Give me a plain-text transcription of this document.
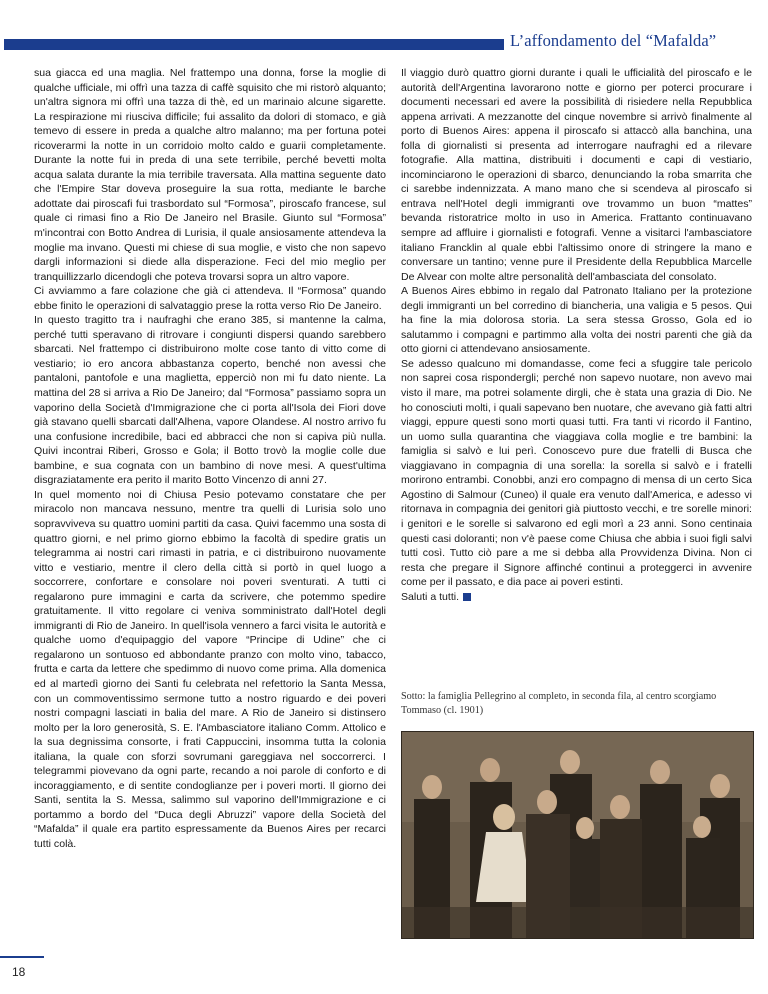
L’affondamento del “Mafalda”

sua giacca ed una maglia. Nel frattempo una donna, forse la moglie di qualche ufficiale, mi offrì una tazza di caffè squisito che mi ristorò alquanto; un'altra signora mi offrì una tazza di thè, ed un marinaio alcune sigarette. La respirazione mi riusciva difficile; fui assalito da dolori di stomaco, e già temevo di essere in preda a qualche altro malanno; ma per fortuna potei ricoverarmi la notte in un corridoio molto caldo e guarii completamente. Durante la notte fui in preda di una sete terribile, perché bevetti molta acqua salata durante la mia terribile traversata. Alla mattina seguente dato che l'Empire Star doveva proseguire la sua rotta, mediante le barche adottate dai piroscafi fui trasbordato sul “Formosa”, piroscafo francese, sul quale ci rimasi fino a Rio De Janeiro nel Brasile. Giunto sul “Formosa” m'incontrai con Botto Andrea di Lurisia, il quale ansiosamente attendeva la moglie ma invano. Questi mi chiese di sua moglie, e visto che non sapevo dargli informazioni si diede alla disperazione. Feci del mio meglio per tranquillizzarlo dicendogli che poteva trovarsi sopra un altro vapore.

Ci avviammo a fare colazione che già ci attendeva. Il “Formosa” quando ebbe finito le operazioni di salvataggio prese la rotta verso Rio De Janeiro.

In questo tragitto tra i naufraghi che erano 385, si mantenne la calma, perché tutti speravano di ritrovare i congiunti dispersi quando sarebbero sbarcati. Nel frattempo ci distribuirono molte cose tanto di vitto come di vestiario; io ero ancora abbastanza coperto, benché non avessi che pantaloni, pantofole e una maglietta, epperciò non mi fu dato niente. La mattina del 28 si arriva a Rio De Janeiro; dal “Formosa” passiamo sopra un vaporino della Società d'Immigrazione che ci porta all'Isola dei Fiori dove già stavano quelli sbarcati dall'Alhena, vapore Olandese. Al nostro arrivo fu una confusione incredibile, baci ed abbracci che non si capiva più nulla. Quivi incontrai Riberi, Grosso e Gola; il Botto trovò la moglie colle due bambine, e sua cognata con un bambino di nove mesi. A quest'ultima disgraziatamente era perito il marito Botto Vincenzo di anni 27.

In quel momento noi di Chiusa Pesio potevamo constatare che per miracolo non mancava nessuno, mentre tra quelli di Lurisia solo uno sopravviveva su quattro uomini partiti da casa. Quivi facemmo una sosta di quattro giorni, e nel primo giorno ebbimo la facoltà di spedire gratis un telegramma ai nostri cari rimasti in patria, e ci distribuirono nuovamente vitto e vestiario, mentre il clero della città si portò in quel luogo a soccorrere, confortare e consolare noi poveri sventurati. A tutti ci regalarono pure immagini e carta da scrivere, che potemmo spedire gratuitamente. Il vitto regolare ci veniva somministrato dall'Hotel degli immigranti di Rio de Janeiro. In quell'isola vennero a farci visita le autorità e qualche uomo d'equipaggio del vapore “Principe di Udine” che ci regalarono un sontuoso ed abbondante pranzo con molto vino, tabacco, frutta e carta da lettere che spedimmo di nuovo come prima. Alla domenica ed al martedì giorno dei Santi fu celebrata nel refettorio la Santa Messa, con un commoventissimo sermone tutto a nostro riguardo e dei poveri nostri compagni lasciati in balia del mare. A Rio de Janeiro si distinsero molto per la loro generosità, S. E. l'Ambasciatore italiano Comm. Attolico e la sua degnissima consorte, i frati Cappuccini, insomma tutta la colonia italiana, la quale con sforzi sovrumani gareggiava nel soccorrerci. I telegrammi piovevano da ogni parte, recando a noi parole di conforto e di incoraggiamento, e di sentite condoglianze per i poveri morti. Il giorno dei Santi, sentita la S. Messa, salimmo sul vaporino dell'Immigrazione e ci portammo a bordo del “Duca degli Abruzzi” vapore della Società del “Mafalda” il quale era partito espressamente da Buenos Aires per recarci tutti colà.

Il viaggio durò quattro giorni durante i quali le ufficialità del piroscafo e le autorità dell'Argentina lavorarono notte e giorno per poterci procurare i documenti necessari ed avere la possibilità di risiedere nella Repubblica appena arrivati. A mezzanotte del cinque novembre si arrivò finalmente al porto di Buenos Aires: appena il piroscafo si attaccò alla banchina, una folla di giornalisti si presenta ad interrogare naufraghi ed a rilevare fotografie. Alla mattina, distribuiti i documenti e capi di vestiario, incominciarono le operazioni di sbarco, denunciando la roba smarrita che ci sarebbe indennizzata. A mano mano che si scendeva al piroscafo si entrava nell'Hotel degli immigranti ove trovammo un buon “mattes” bevanda ristoratrice molto in uso in America. Frattanto continuavano sempre ad affluire i giornalisti e fotografi. Venne a visitarci l'ambasciatore italiano Francklin al quale ebbi l'altissimo onore di stringere la mano e conversare un tantino; venne pure il Presidente della Repubblica Marcelle De Alvear con molte altre personalità dell'ambasciata del consolato.

A Buenos Aires ebbimo in regalo dal Patronato Italiano per la protezione degli immigranti un bel corredino di biancheria, una valigia e 5 pesos. Qui ha fine la mia dolorosa storia. La sera stessa Grosso, Gola ed io salutammo i compagni e partimmo alla volta dei nostri parenti che già da otto giorni ci attendevano ansiosamente.

Se adesso qualcuno mi domandasse, come feci a sfuggire tale pericolo non saprei cosa rispondergli; perché non sapevo nuotare, non avevo mai visto il mare, ma potrei solamente dirgli, che è stata una grazia di Dio. Ne ho conosciuti molti, i quali sapevano ben nuotare, che avevano già fatti altri viaggi, eppure questi sono morti quasi tutti. Fra tanti vi ricordo il Fantino, un uomo sulla quarantina che viaggiava colla moglie e tre bambini: la famiglia si salvò e lui perì. Conoscevo pure due fratelli di Busca che viaggiavano in compagnia di una sorella: la sorella si salvò e i fratelli morirono entrambi. Conobbi, anzi ero compagno di mensa di un certo Sica Agostino di Salmour (Cuneo) il quale era venuto dall'America, e adesso vi ritornava in compagnia dei genitori già piuttosto vecchi, e tre sorelle minori: i genitori e le sorelle si salvarono ed egli morì a 23 anni. Sono centinaia questi casi doloranti; non v'è paese come Chiusa che abbia i suoi figli salvi tutti così. Tutto ciò pare a me si debba alla Provvidenza Divina. Non ci resta che pregare il Signore affinché continui a proteggerci in avvenire come per il passato, e dia pace ai poveri estinti.

Saluti a tutti.

Sotto: la famiglia Pellegrino al completo, in seconda fila, al centro scorgiamo Tommaso (cl. 1901)
18
